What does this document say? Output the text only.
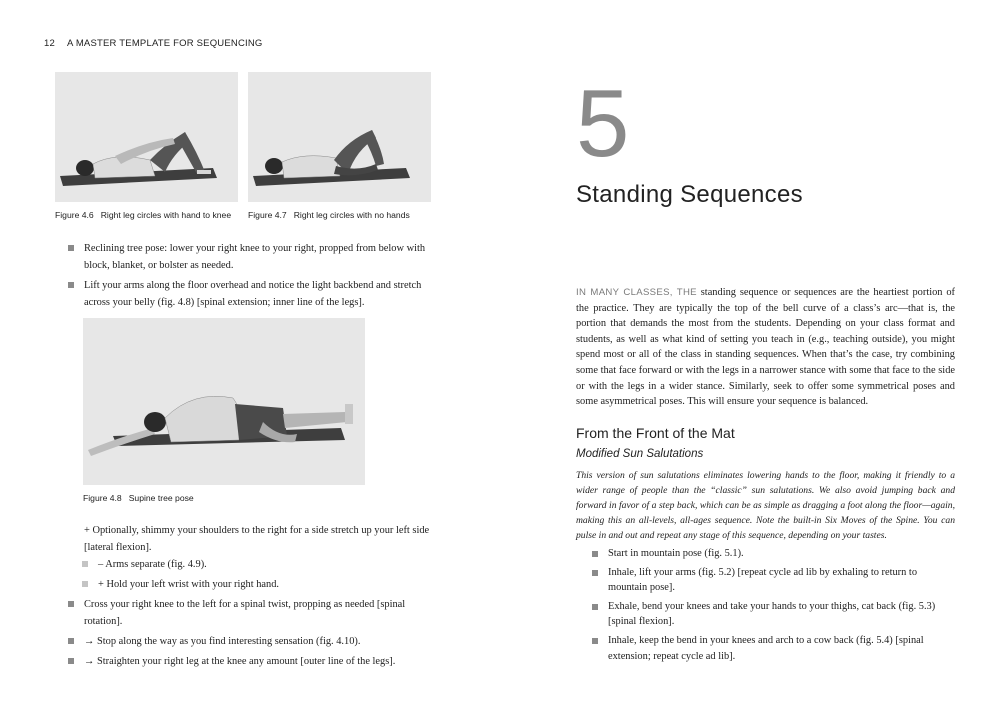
12 A MASTER TEMPLATE FOR SEQUENCING
Figure 4.6 Right leg circles with hand to knee Figure 4.7 Right leg circles with no hands
Reclining tree pose: lower your right knee to your right, propped from below with block, blanket, or bolster as needed.
Lift your arms along the floor overhead and notice the light backbend and stretch across your belly (fig. 4.8) [spinal extension; inner line of the legs].
Figure 4.8 Supine tree pose
+ Optionally, shimmy your shoulders to the right for a side stretch up your left side [lateral flexion].
– Arms separate (fig. 4.9).
+ Hold your left wrist with your right hand.
Cross your right knee to the left for a spinal twist, propping as needed [spinal rotation].
→ Stop along the way as you find interesting sensation (fig. 4.10).
→ Straighten your right leg at the knee any amount [outer line of the legs].
5
Standing Sequences

IN MANY CLASSES, THE standing sequence or sequences are the heartiest portion of the practice. They are typically the top of the bell curve of a class’s arc—that is, the portion that demands the most from the students. Depending on your class format and students, as well as what kind of setting you teach in (e.g., teaching outside), you might spend most or all of the class in standing sequences. When that’s the case, try combining some that face forward or with the legs in a narrower stance with some that face to the side or with the legs in a wider stance. Similarly, seek to offer some symmetrical poses and some asymmetrical poses. This will ensure your sequence is balanced.

From the Front of the Mat
Modified Sun Salutations

This version of sun salutations eliminates lowering hands to the floor, making it friendly to a wider range of people than the “classic” sun salutations. We also avoid jumping back and forward in favor of a step back, which can be as simple as dragging a foot along the floor—again, making this an all-levels, all-ages sequence. Note the built-in Six Moves of the Spine. You can pulse in and out and repeat any stage of this sequence, depending on your tastes.

Start in mountain pose (fig. 5.1).
Inhale, lift your arms (fig. 5.2) [repeat cycle ad lib by exhaling to return to mountain pose].
Exhale, bend your knees and take your hands to your thighs, cat back (fig. 5.3) [spinal flexion].
Inhale, keep the bend in your knees and arch to a cow back (fig. 5.4) [spinal extension; repeat cycle ad lib].
